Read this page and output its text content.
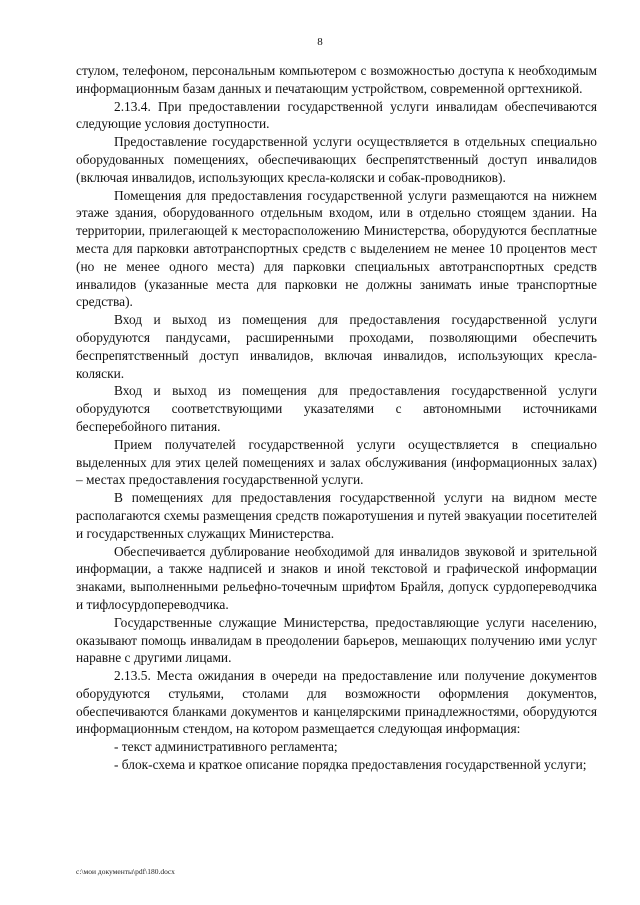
8

стулом, телефоном, персональным компьютером с возможностью доступа к необходимым информационным базам данных и печатающим устройством, современной оргтехникой.

2.13.4. При предоставлении государственной услуги инвалидам обеспечиваются следующие условия доступности.

Предоставление государственной услуги осуществляется в отдельных специально оборудованных помещениях, обеспечивающих беспрепятственный доступ инвалидов (включая инвалидов, использующих кресла-коляски и собак-проводников).

Помещения для предоставления государственной услуги размещаются на нижнем этаже здания, оборудованного отдельным входом, или в отдельно стоящем здании. На территории, прилегающей к месторасположению Министерства, оборудуются бесплатные места для парковки автотранспортных средств с выделением не менее 10 процентов мест (но не менее одного места) для парковки специальных автотранспортных средств инвалидов (указанные места для парковки не должны занимать иные транспортные средства).

Вход и выход из помещения для предоставления государственной услуги оборудуются пандусами, расширенными проходами, позволяющими обеспечить беспрепятственный доступ инвалидов, включая инвалидов, использующих кресла-коляски.

Вход и выход из помещения для предоставления государственной услуги оборудуются соответствующими указателями с автономными источниками бесперебойного питания.

Прием получателей государственной услуги осуществляется в специально выделенных для этих целей помещениях и залах обслуживания (информационных залах) – местах предоставления государственной услуги.

В помещениях для предоставления государственной услуги на видном месте располагаются схемы размещения средств пожаротушения и путей эвакуации посетителей и государственных служащих Министерства.

Обеспечивается дублирование необходимой для инвалидов звуковой и зрительной информации, а также надписей и знаков и иной текстовой и графической информации знаками, выполненными рельефно-точечным шрифтом Брайля, допуск сурдопереводчика и тифлосурдопереводчика.

Государственные служащие Министерства, предоставляющие услуги населению, оказывают помощь инвалидам в преодолении барьеров, мешающих получению ими услуг наравне с другими лицами.

2.13.5. Места ожидания в очереди на предоставление или получение документов оборудуются стульями, столами для возможности оформления документов, обеспечиваются бланками документов и канцелярскими принадлежностями, оборудуются информационным стендом, на котором размещается следующая информация:

- текст административного регламента;

- блок-схема и краткое описание порядка предоставления государственной услуги;

c:\мои документы\pdf\180.docx
